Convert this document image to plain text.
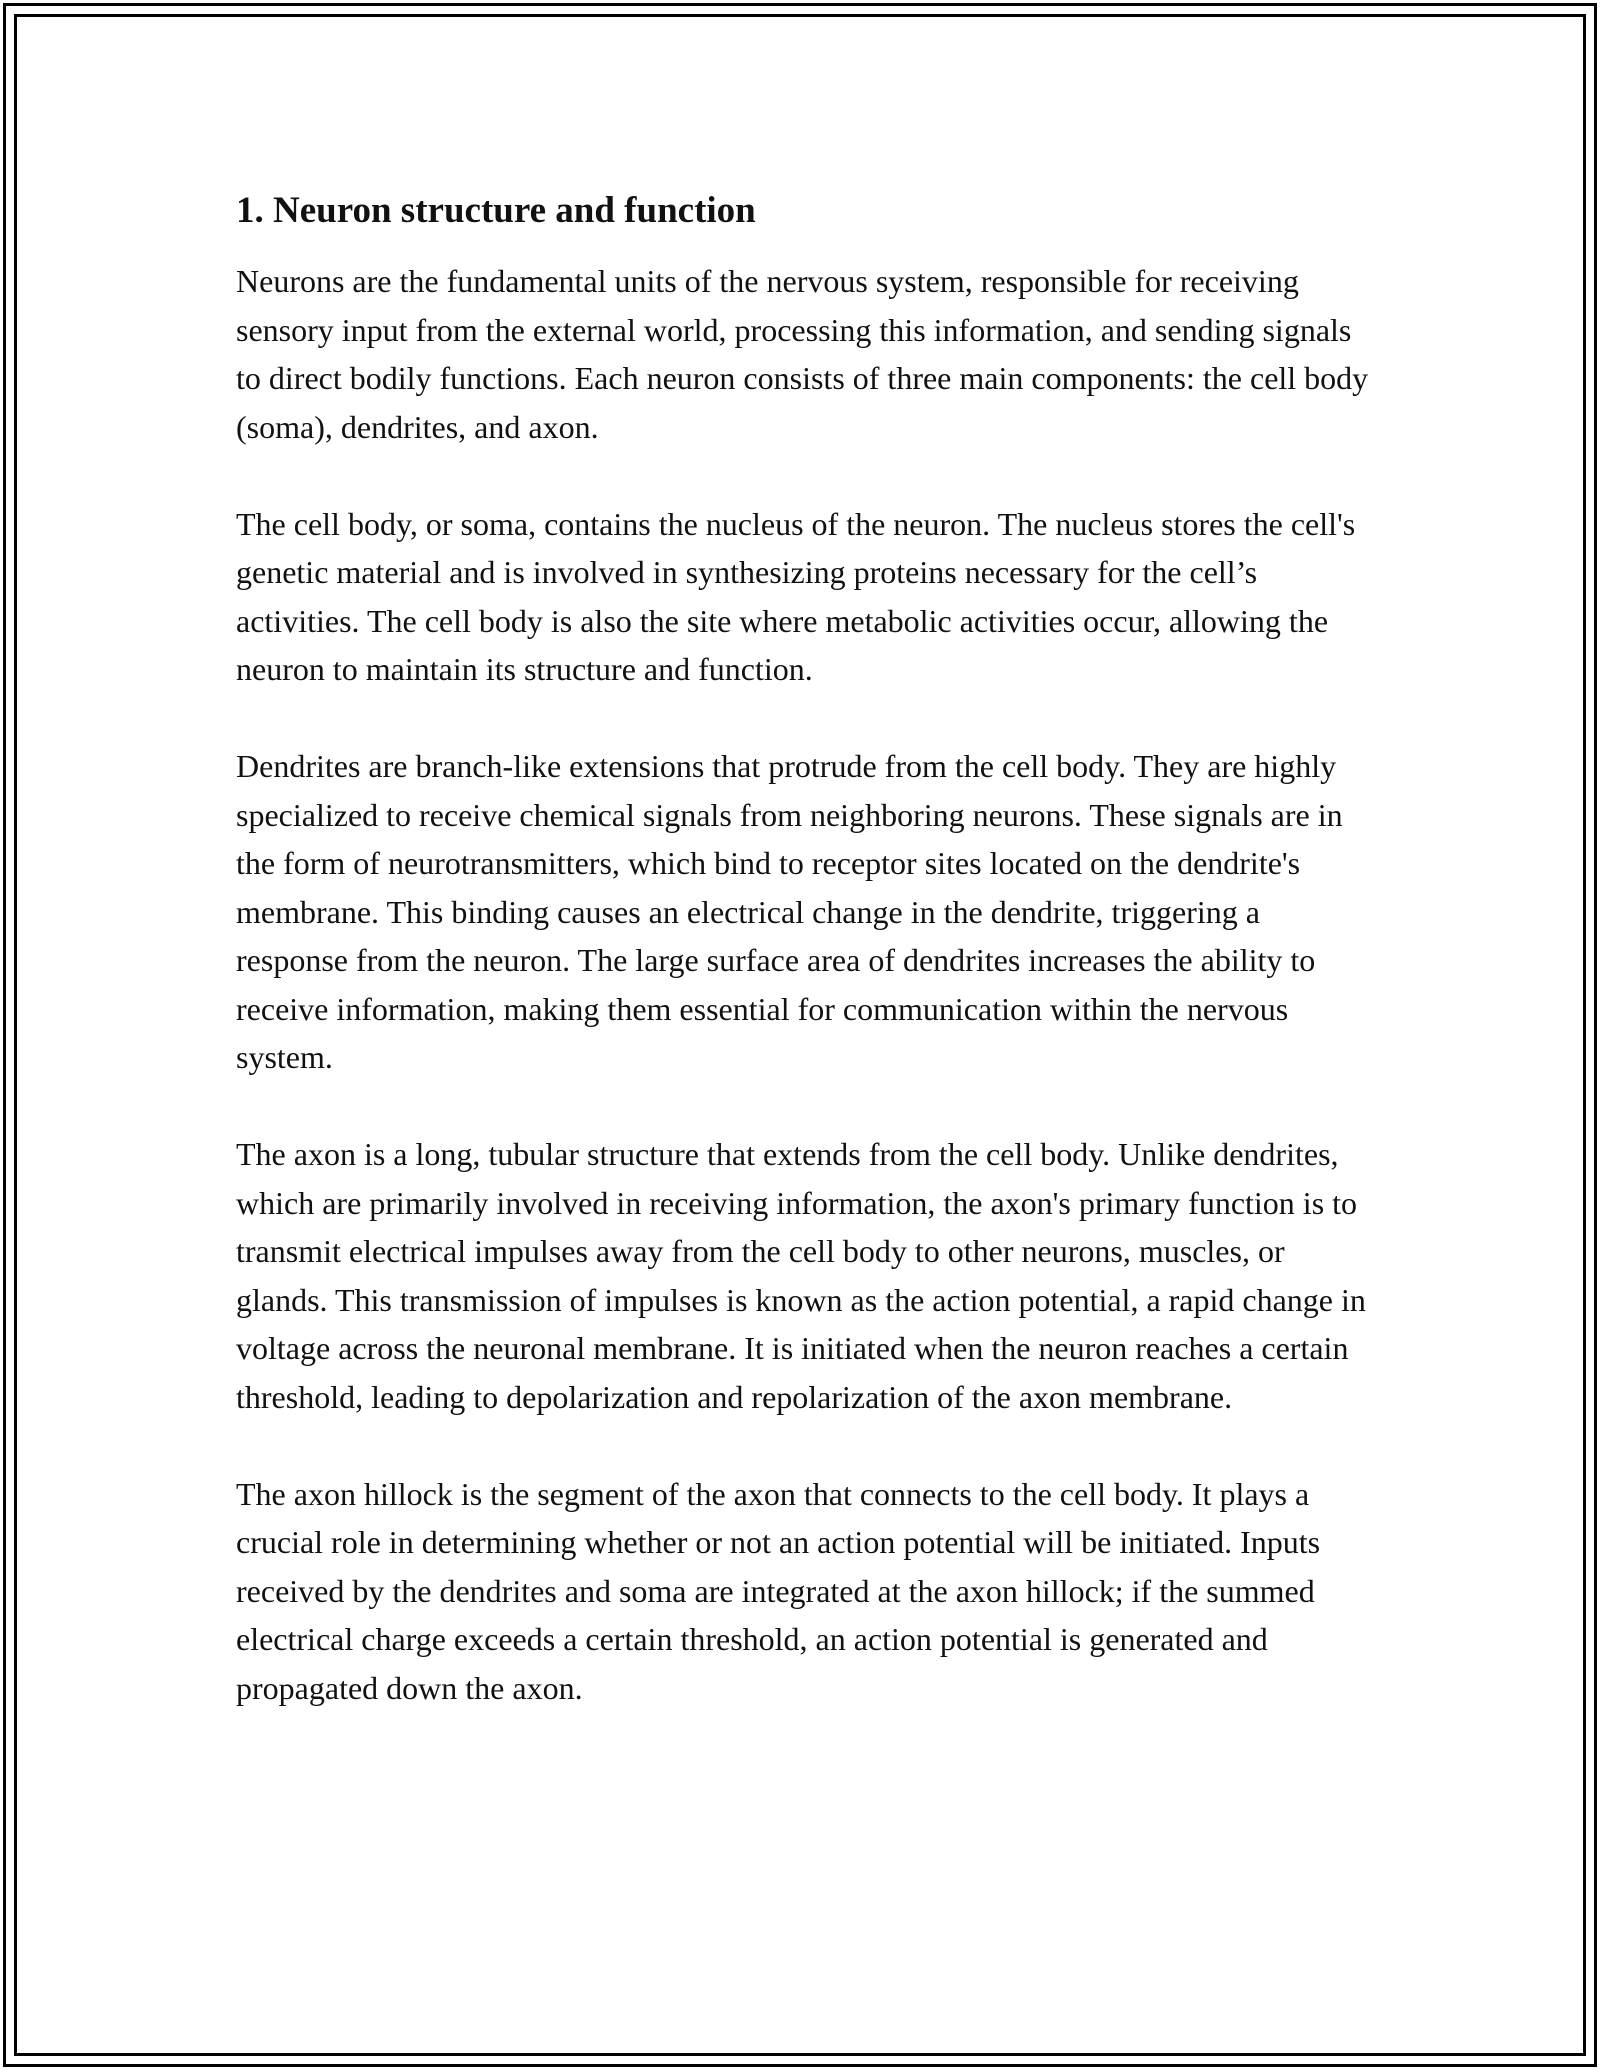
1. Neuron structure and function

Neurons are the fundamental units of the nervous system, responsible for receiving sensory input from the external world, processing this information, and sending signals to direct bodily functions. Each neuron consists of three main components: the cell body (soma), dendrites, and axon.

The cell body, or soma, contains the nucleus of the neuron. The nucleus stores the cell's genetic material and is involved in synthesizing proteins necessary for the cell’s activities. The cell body is also the site where metabolic activities occur, allowing the neuron to maintain its structure and function.

Dendrites are branch-like extensions that protrude from the cell body. They are highly specialized to receive chemical signals from neighboring neurons. These signals are in the form of neurotransmitters, which bind to receptor sites located on the dendrite's membrane. This binding causes an electrical change in the dendrite, triggering a response from the neuron. The large surface area of dendrites increases the ability to receive information, making them essential for communication within the nervous system.

The axon is a long, tubular structure that extends from the cell body. Unlike dendrites, which are primarily involved in receiving information, the axon's primary function is to transmit electrical impulses away from the cell body to other neurons, muscles, or glands. This transmission of impulses is known as the action potential, a rapid change in voltage across the neuronal membrane. It is initiated when the neuron reaches a certain threshold, leading to depolarization and repolarization of the axon membrane.

The axon hillock is the segment of the axon that connects to the cell body. It plays a crucial role in determining whether or not an action potential will be initiated. Inputs received by the dendrites and soma are integrated at the axon hillock; if the summed electrical charge exceeds a certain threshold, an action potential is generated and propagated down the axon.
